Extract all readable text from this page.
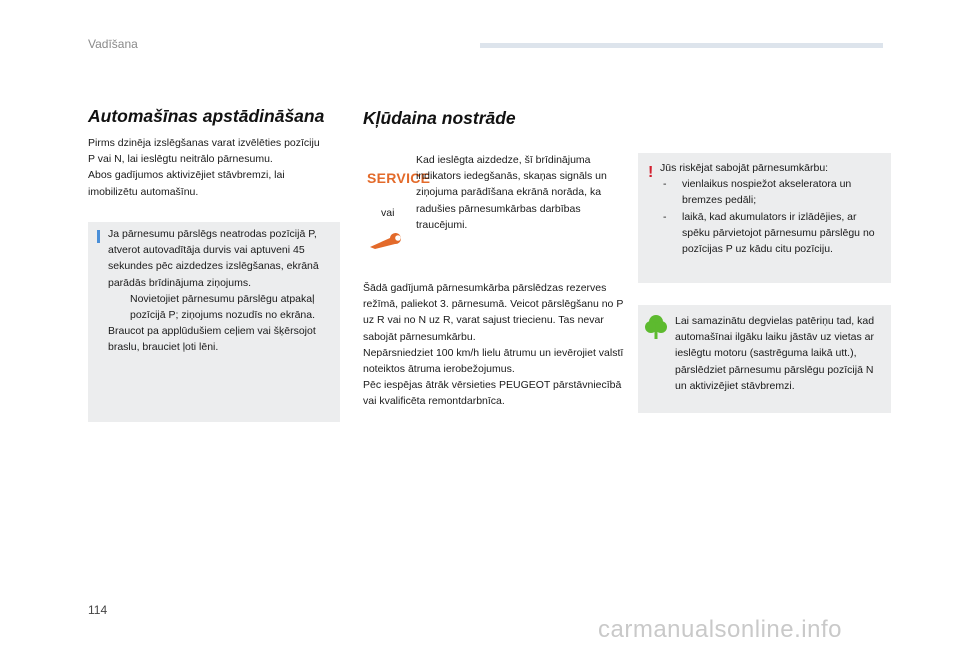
Vadīšana
Automašīnas apstādināšana

Pirms dzinēja izslēgšanas varat izvēlēties pozīciju P vai N, lai ieslēgtu neitrālo pārnesumu.

Abos gadījumos aktivizējiet stāvbremzi, lai imobilizētu automašīnu.

Ja pārnesumu pārslēgs neatrodas pozīcijā P, atverot autovadītāja durvis vai aptuveni 45 sekundes pēc aizdedzes izslēgšanas, ekrānā parādās brīdinājuma ziņojums.

Novietojiet pārnesumu pārslēgu atpakaļ pozīcijā P; ziņojums nozudīs no ekrāna.

Braucot pa applūdušiem ceļiem vai šķērsojot braslu, brauciet ļoti lēni.

Kļūdaina nostrāde
SERVICE
vai

Kad ieslēgta aizdedze, šī brīdinājuma indikators iedegšanās, skaņas signāls un ziņojuma parādīšana ekrānā norāda, ka radušies pārnesumkārbas darbības traucējumi.

Šādā gadījumā pārnesumkārba pārslēdzas rezerves režīmā, paliekot 3. pārnesumā. Veicot pārslēgšanu no P uz R vai no N uz R, varat sajust triecienu. Tas nevar sabojāt pārnesumkārbu.

Nepārsniedziet 100 km/h lielu ātrumu un ievērojiet valstī noteiktos ātruma ierobežojumus.

Pēc iespējas ātrāk vērsieties PEUGEOT pārstāvniecībā vai kvalificēta remontdarbnīca.

! Jūs riskējat sabojāt pārnesumkārbu:

- vienlaikus nospiežot akseleratora un bremzes pedāli;
- laikā, kad akumulators ir izlādējies, ar spēku pārvietojot pārnesumu pārslēgu no pozīcijas P uz kādu citu pozīciju.

Lai samazinātu degvielas patēriņu tad, kad automašīnai ilgāku laiku jāstāv uz vietas ar ieslēgtu motoru (sastrēguma laikā utt.), pārslēdziet pārnesumu pārslēgu pozīcijā N un aktivizējiet stāvbremzi.

114
carmanualsonline.info
